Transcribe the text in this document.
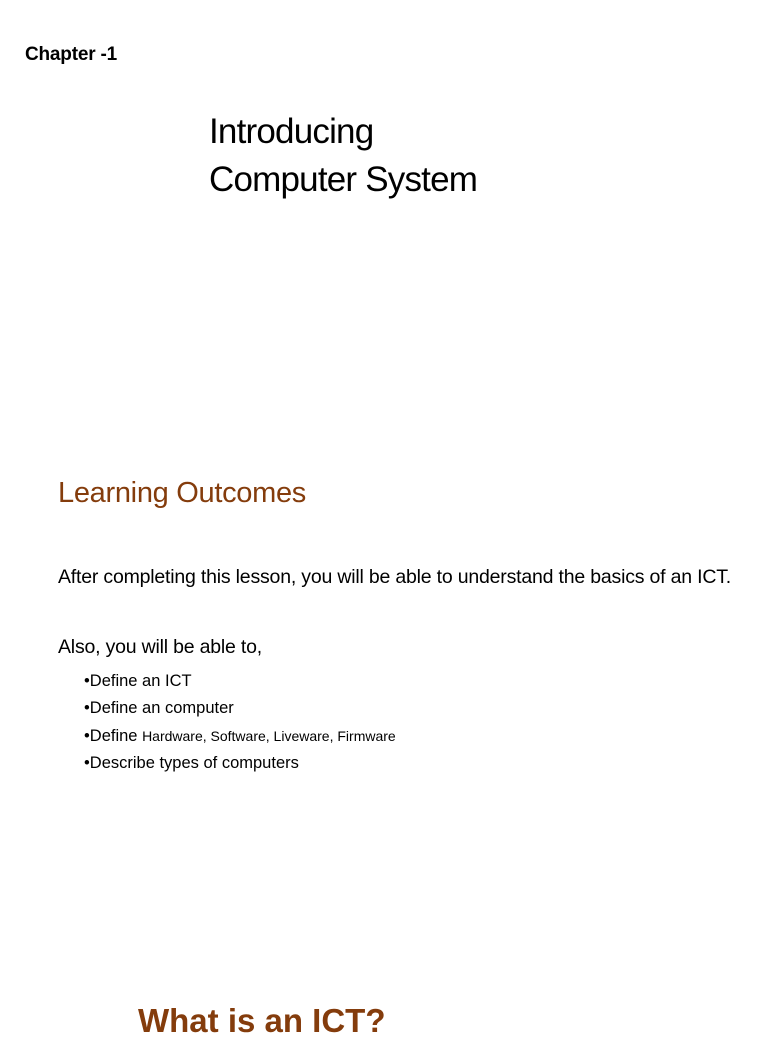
Chapter -1
Introducing
Computer System
Learning Outcomes
After completing this lesson, you will be able to understand the basics of an ICT.
Also, you will be able to,
•Define an ICT
•Define an computer
•Define Hardware, Software, Liveware, Firmware
•Describe types of computers
What is an ICT?
